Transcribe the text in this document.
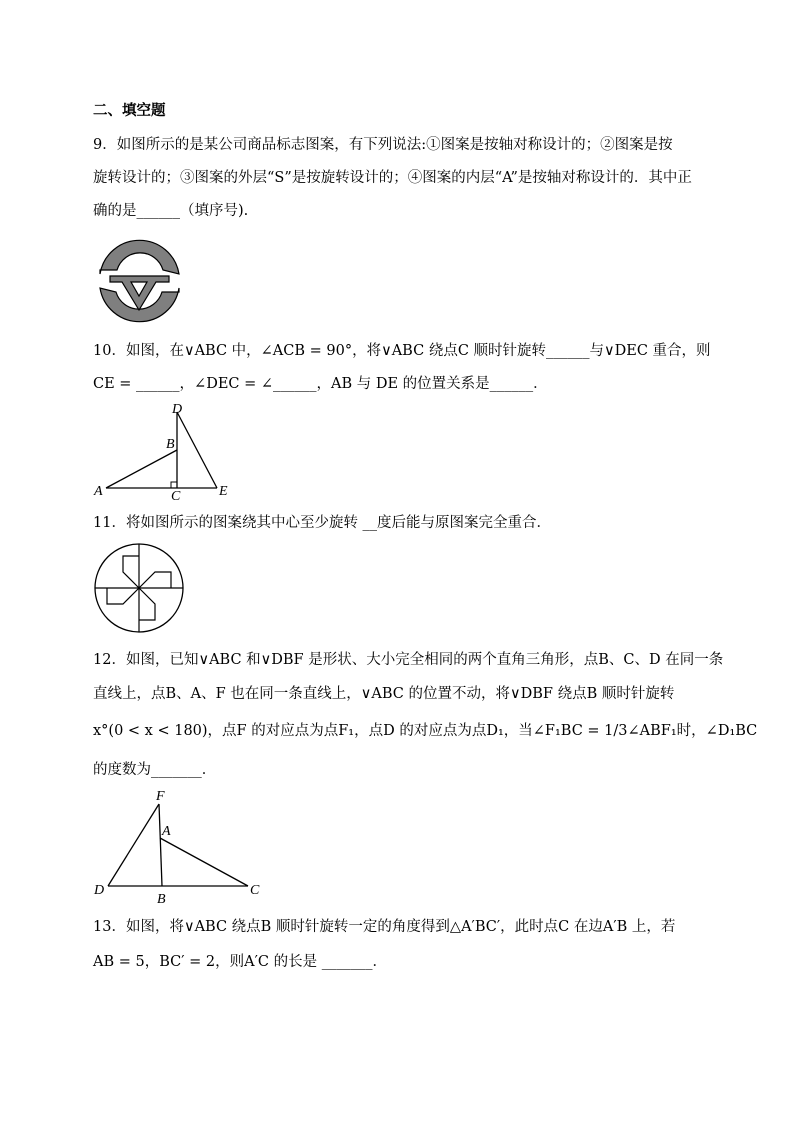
二、填空题
9．如图所示的是某公司商品标志图案，有下列说法:①图案是按轴对称设计的；②图案是按
旋转设计的；③图案的外层“S”是按旋转设计的；④图案的内层“A”是按轴对称设计的．其中正
确的是______（填序号).
10．如图，在∨ABC 中，∠ACB = 90°，将∨ABC 绕点C 顺时针旋转______与∨DEC 重合，则
CE = ______，∠DEC = ∠______，AB 与 DE 的位置关系是______．
D
B
A	C	E
11．将如图所示的图案绕其中心至少旋转 __度后能与原图案完全重合．
12．如图，已知∨ABC 和∨DBF 是形状、大小完全相同的两个直角三角形，点B、C、D 在同一条
直线上，点B、A、F 也在同一条直线上，∨ABC 的位置不动，将∨DBF 绕点B 顺时针旋转
x°(0 < x < 180)，点F 的对应点为点F₁，点D 的对应点为点D₁，当∠F₁BC = 1/3∠ABF₁时，∠D₁BC
的度数为_______．
F
A
D
B
C
13．如图，将∨ABC 绕点B 顺时针旋转一定的角度得到△A′BC′，此时点C 在边A′B 上，若
AB = 5，BC′ = 2，则A′C 的长是 _______．
